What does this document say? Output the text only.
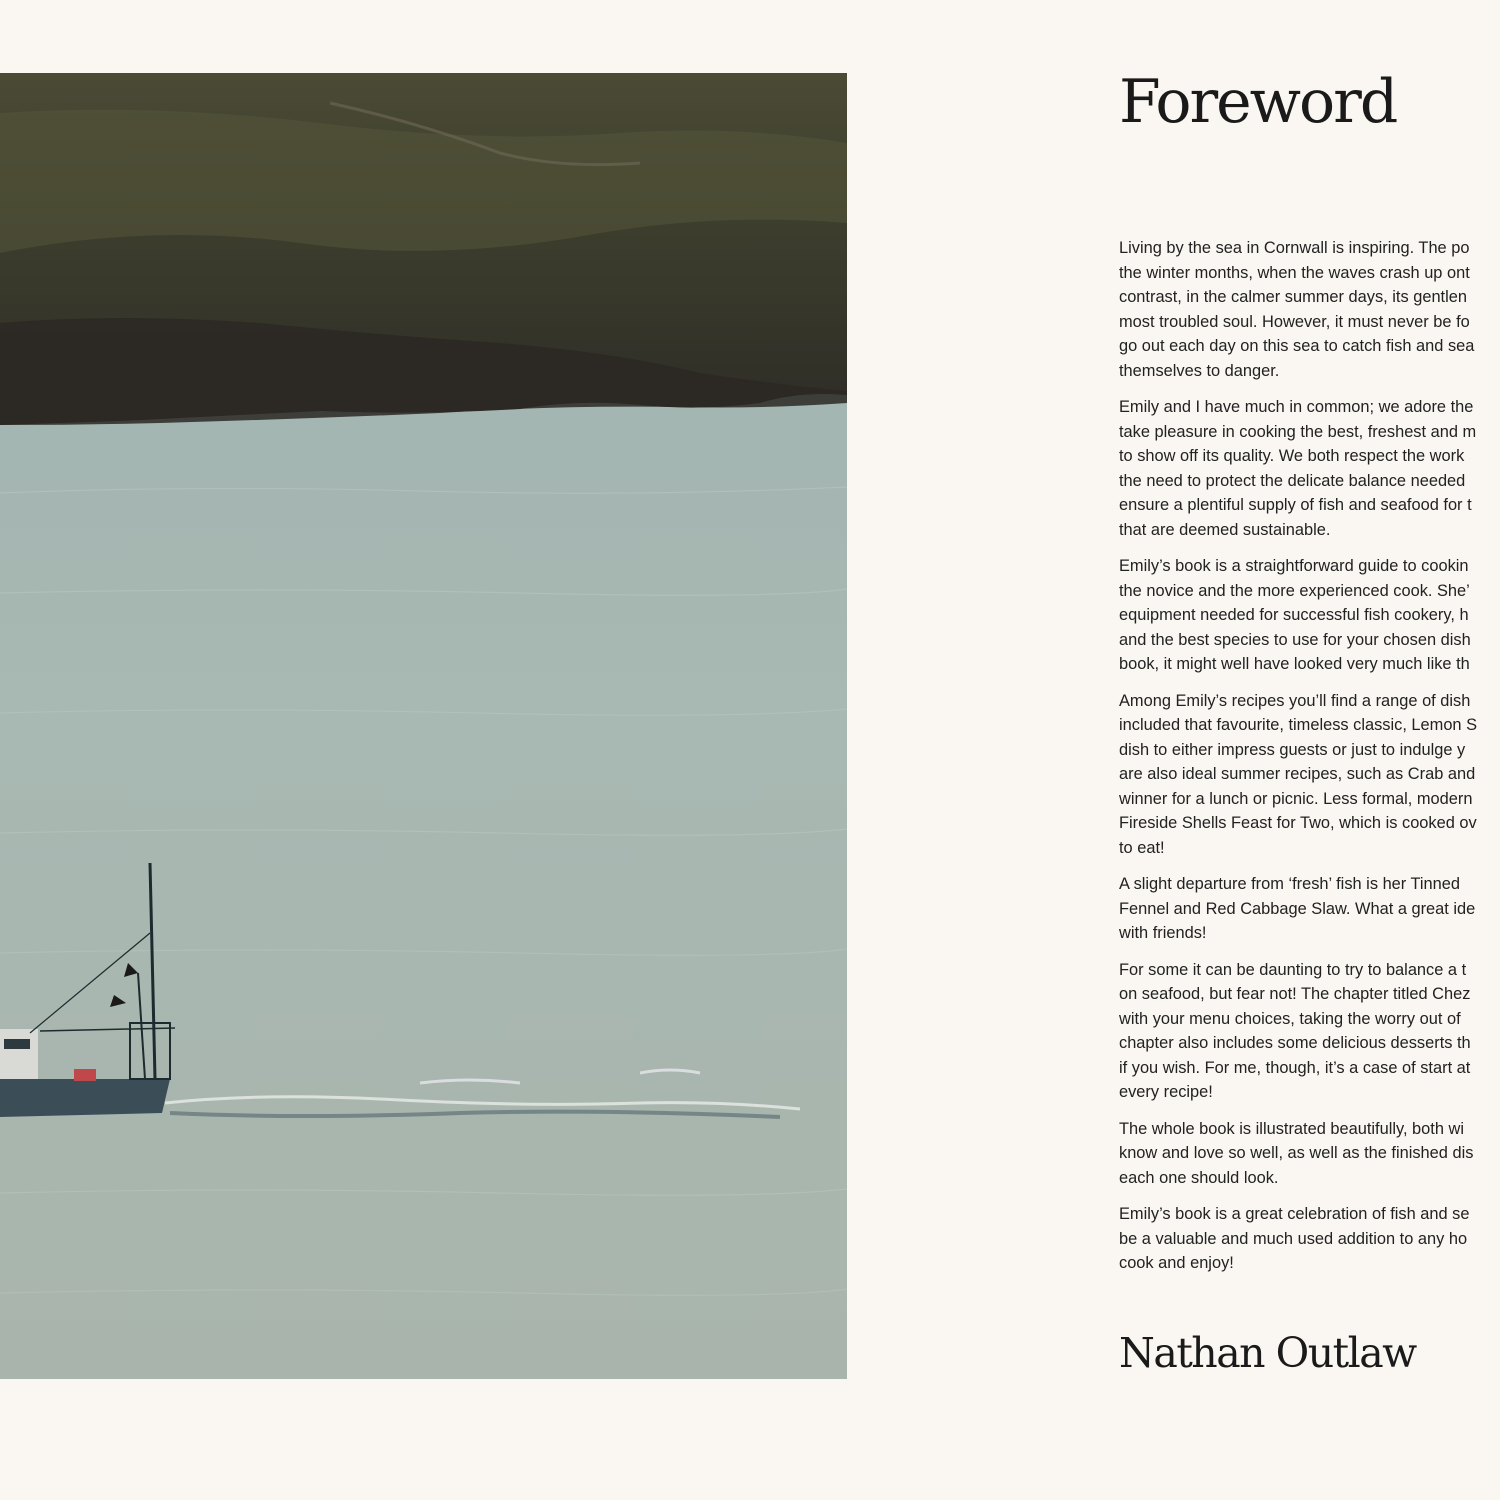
Foreword

Living by the sea in Cornwall is inspiring. The po
the winter months, when the waves crash up ont
contrast, in the calmer summer days, its gentlen
most troubled soul. However, it must never be fo
go out each day on this sea to catch fish and sea
themselves to danger.

Emily and I have much in common; we adore the
take pleasure in cooking the best, freshest and m
to show off its quality. We both respect the work
the need to protect the delicate balance needed
ensure a plentiful supply of fish and seafood for t
that are deemed sustainable.

Emily’s book is a straightforward guide to cookin
the novice and the more experienced cook. She’
equipment needed for successful fish cookery, h
and the best species to use for your chosen dish
book, it might well have looked very much like th

Among Emily’s recipes you’ll find a range of dish
included that favourite, timeless classic, Lemon S
dish to either impress guests or just to indulge y
are also ideal summer recipes, such as Crab and
winner for a lunch or picnic. Less formal, modern
Fireside Shells Feast for Two, which is cooked ov
to eat!

A slight departure from ‘fresh’ fish is her Tinned
Fennel and Red Cabbage Slaw. What a great ide
with friends!

For some it can be daunting to try to balance a t
on seafood, but fear not! The chapter titled Chez
with your menu choices, taking the worry out of
chapter also includes some delicious desserts th
if you wish. For me, though, it’s a case of start at
every recipe!

The whole book is illustrated beautifully, both wi
know and love so well, as well as the finished dis
each one should look.

Emily’s book is a great celebration of fish and se
be a valuable and much used addition to any ho
cook and enjoy!

Nathan Outlaw
